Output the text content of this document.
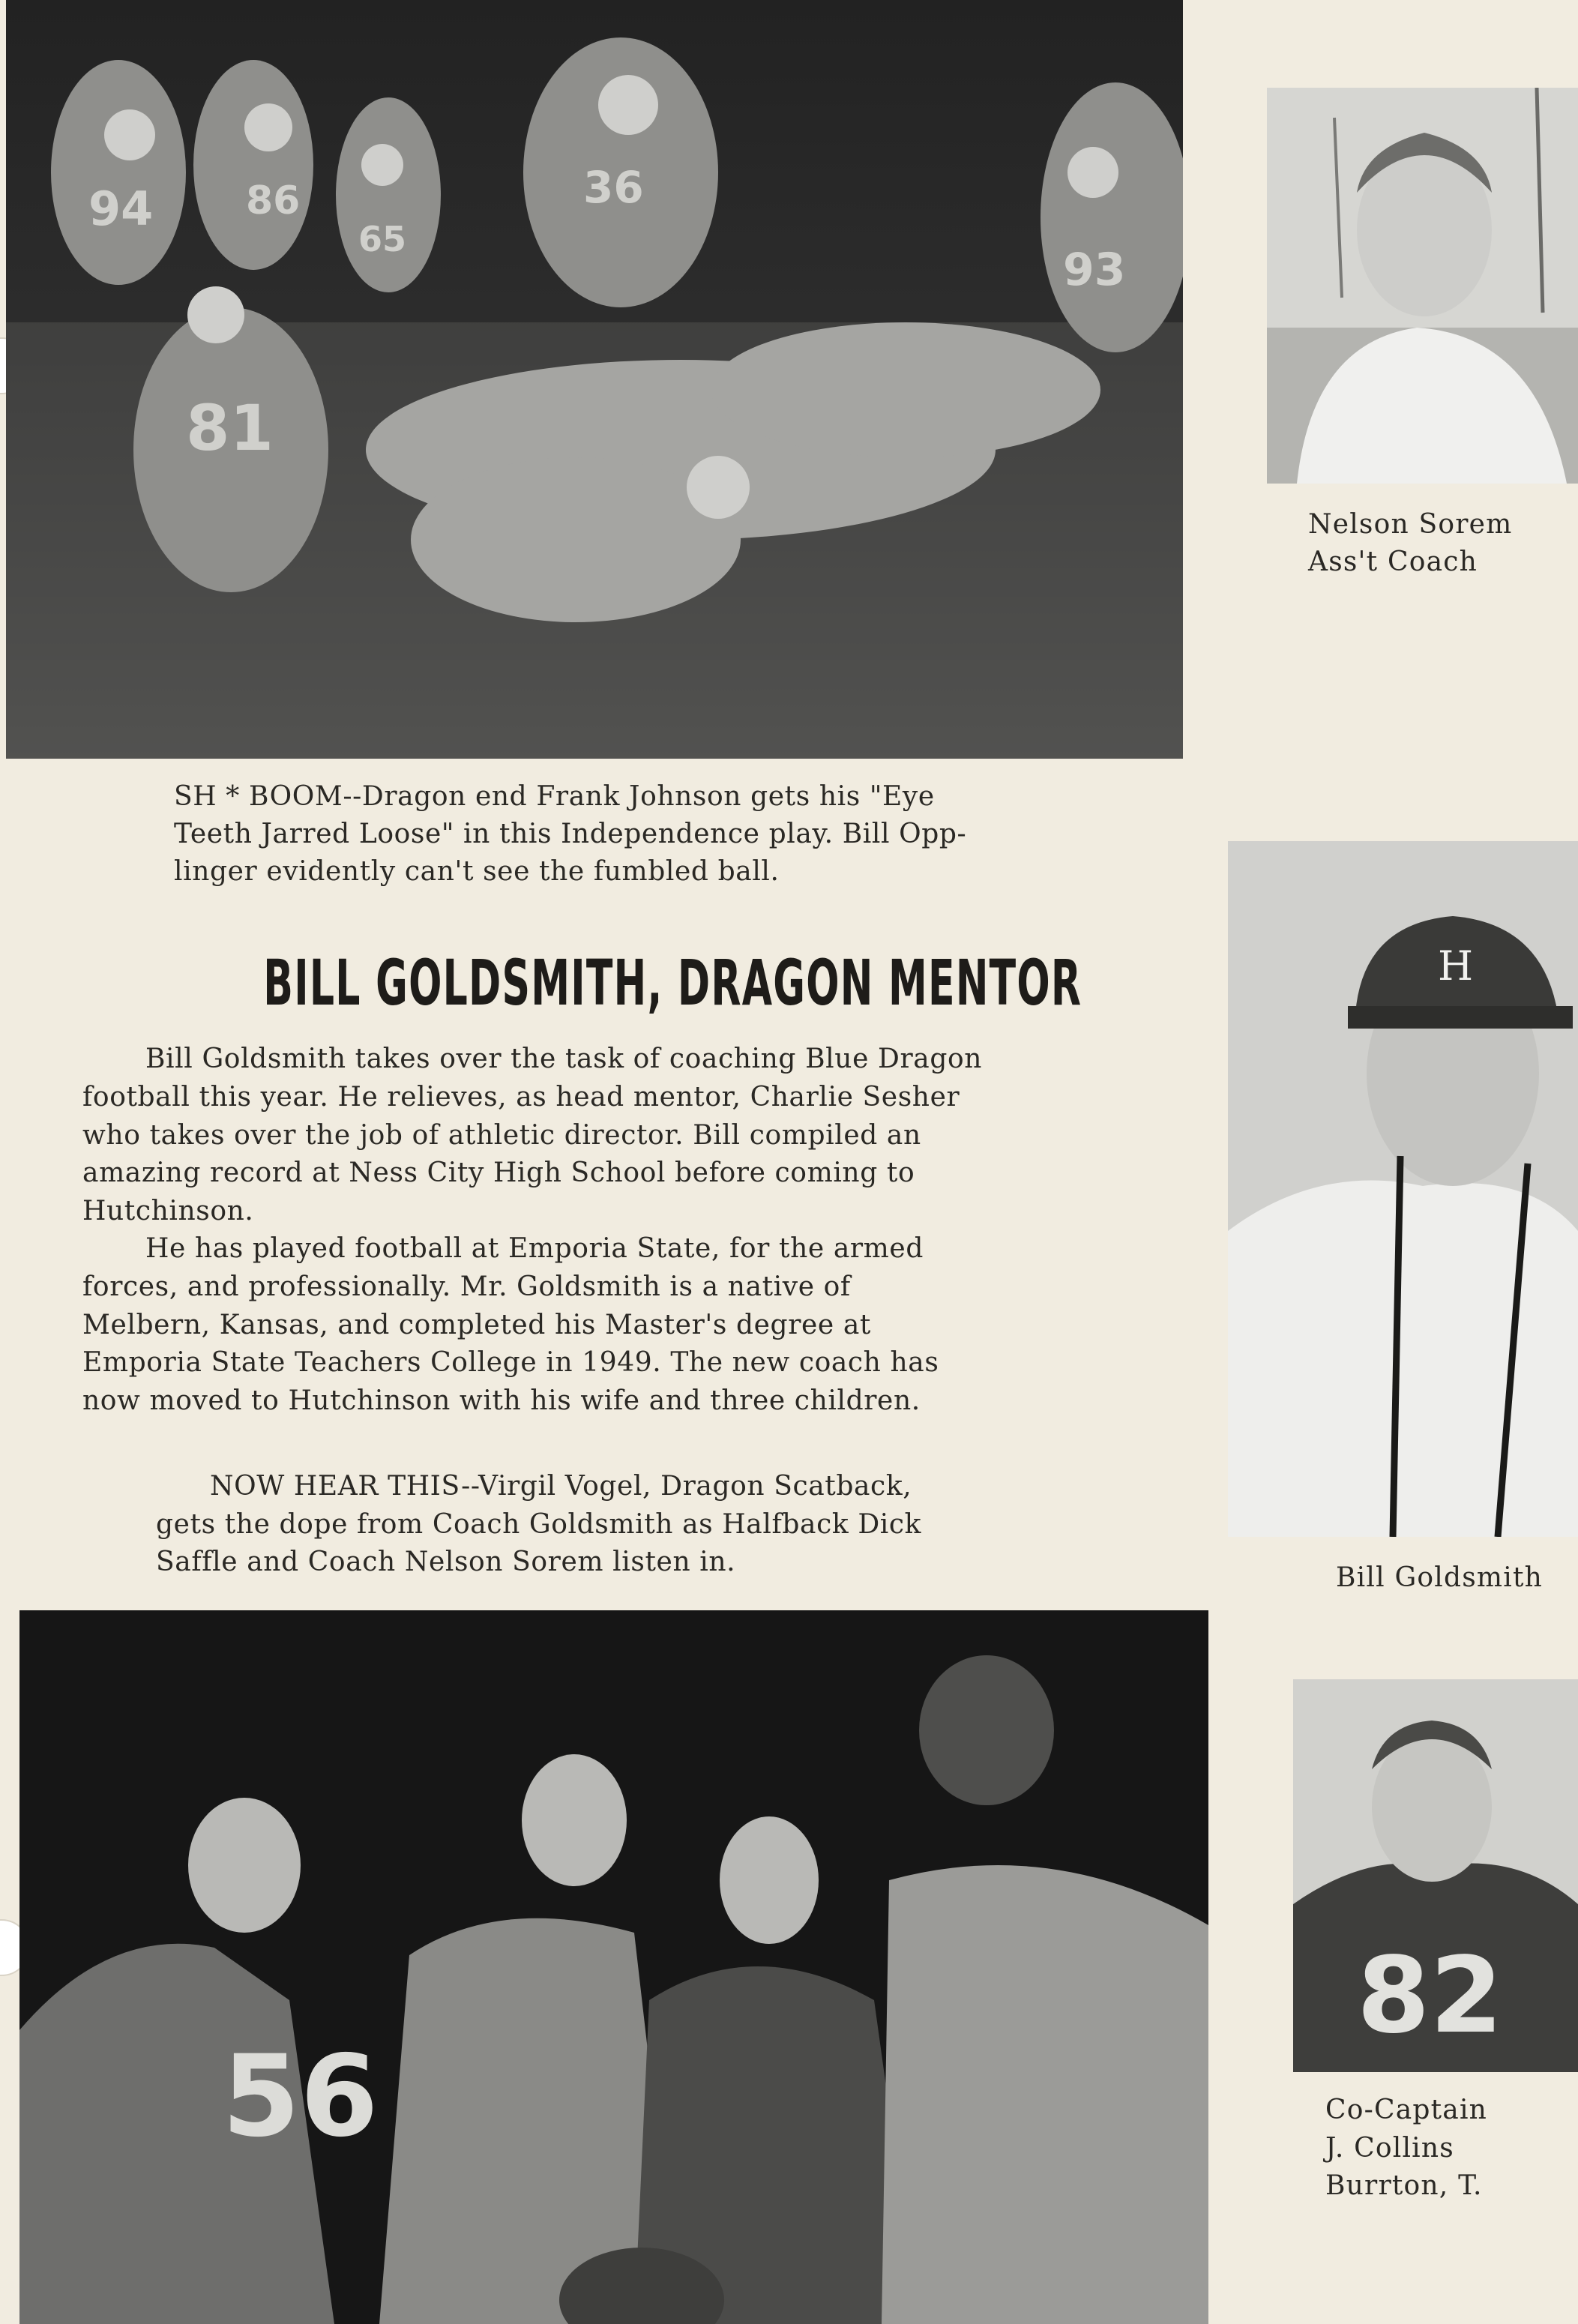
94 86
65
36
81
93
SH * BOOM--Dragon end Frank Johnson gets his "Eye
Teeth Jarred Loose" in this Independence play. Bill Opp-
linger evidently can't see the fumbled ball.
BILL GOLDSMITH, DRAGON MENTOR
Bill Goldsmith takes over the task of coaching Blue Dragon
football this year. He relieves, as head mentor, Charlie Sesher
who takes over the job of athletic director. Bill compiled an
amazing record at Ness City High School before coming to
Hutchinson.
He has played football at Emporia State, for the armed
forces, and professionally. Mr. Goldsmith is a native of
Melbern, Kansas, and completed his Master's degree at
Emporia State Teachers College in 1949. The new coach has
now moved to Hutchinson with his wife and three children.
NOW HEAR THIS--Virgil Vogel, Dragon Scatback,
gets the dope from Coach Goldsmith as Halfback Dick
Saffle and Coach Nelson Sorem listen in.
56
Nelson Sorem
Ass't Coach
H
Bill Goldsmith
82
Co-Captain
J. Collins
Burrton, T.
